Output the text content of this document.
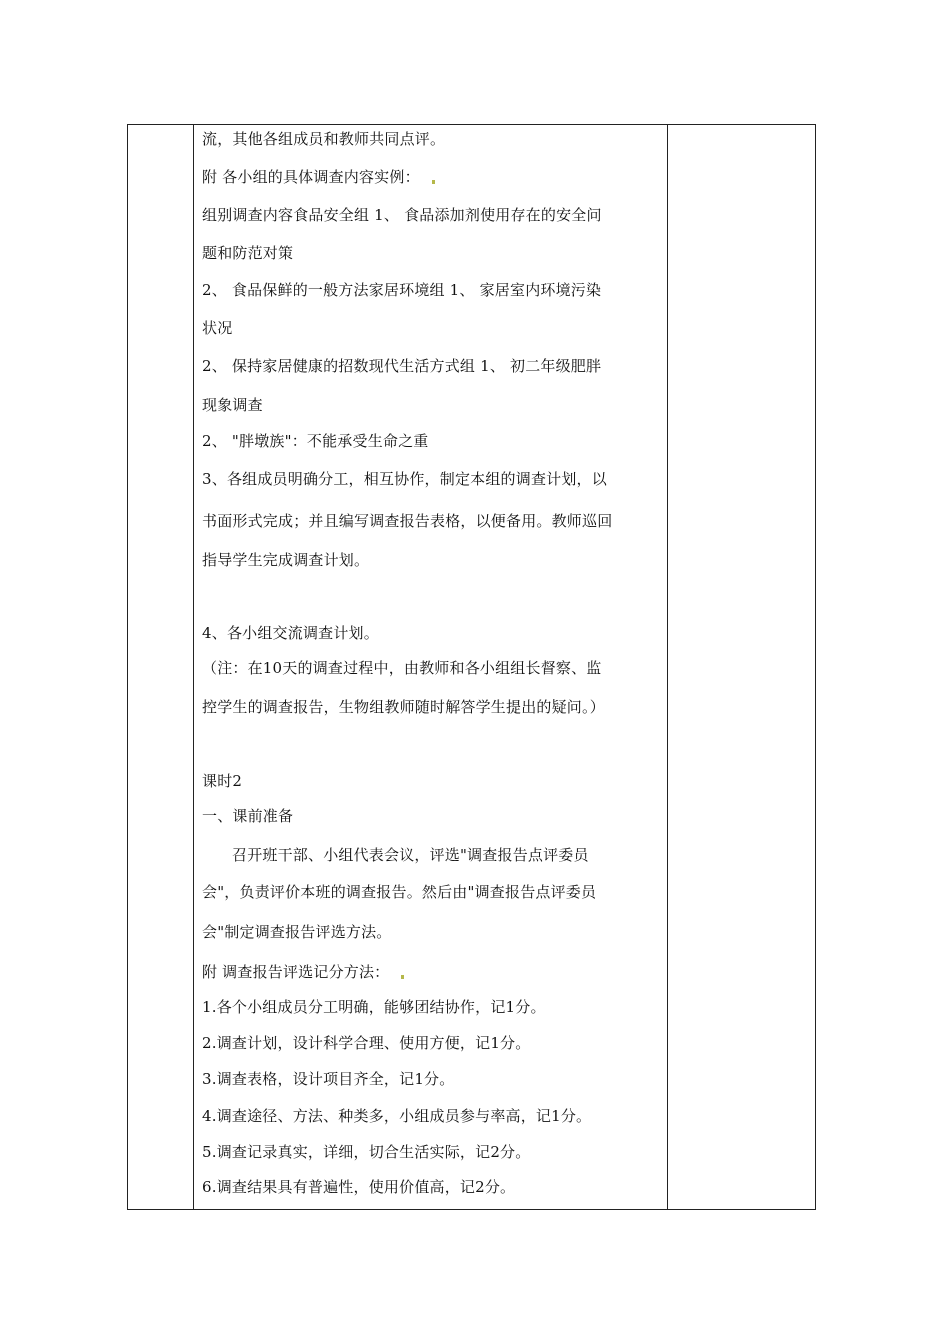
流，其他各组成员和教师共同点评。
附 各小组的具体调查内容实例：
组别调查内容食品安全组 1、 食品添加剂使用存在的安全问
题和防范对策
2、 食品保鲜的一般方法家居环境组 1、 家居室内环境污染
状况
2、 保持家居健康的招数现代生活方式组 1、 初二年级肥胖
现象调查
2、 "胖墩族"：不能承受生命之重
3、各组成员明确分工，相互协作，制定本组的调查计划，以
书面形式完成；并且编写调查报告表格，以便备用。教师巡回
指导学生完成调查计划。
4、各小组交流调查计划。
（注：在10天的调查过程中，由教师和各小组组长督察、监
控学生的调查报告，生物组教师随时解答学生提出的疑问。）
课时2
一、课前准备
召开班干部、小组代表会议，评选"调查报告点评委员
会"，负责评价本班的调查报告。然后由"调查报告点评委员
会"制定调查报告评选方法。
附 调查报告评选记分方法：
1.各个小组成员分工明确，能够团结协作，记1分。
2.调查计划，设计科学合理、使用方便，记1分。
3.调查表格，设计项目齐全，记1分。
4.调查途径、方法、种类多，小组成员参与率高，记1分。
5.调查记录真实，详细，切合生活实际，记2分。
6.调查结果具有普遍性，使用价值高，记2分。
